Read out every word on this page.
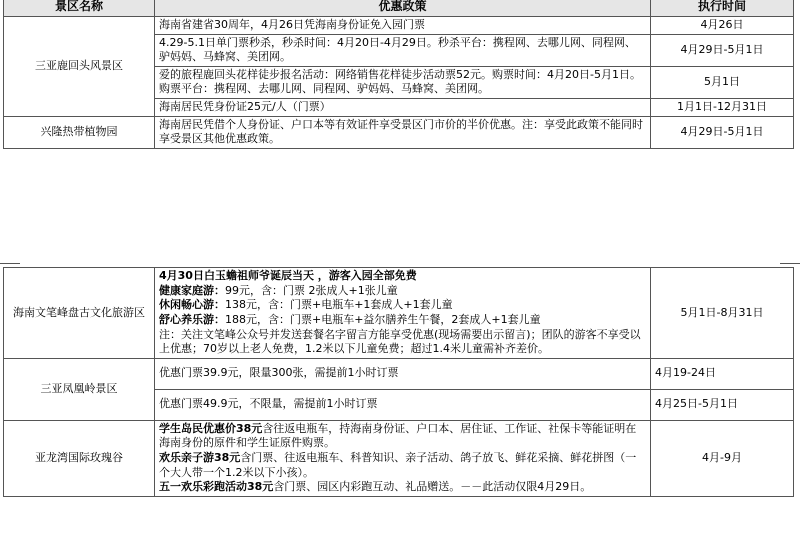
景区名称	优惠政策	执行时间
三亚鹿回头风景区	海南省建省30周年，4月26日凭海南身份证免入园门票	4月26日
	4.29-5.1日单门票秒杀，秒杀时间：4月20日-4月29日。秒杀平台：携程网、去哪儿网、同程网、驴妈妈、马蜂窝、美团网。	4月29日-5月1日
	爱的旅程鹿回头花样徒步报名活动：网络销售花样徒步活动票52元。购票时间：4月20日-5月1日。购票平台：携程网、去哪儿网、同程网、驴妈妈、马蜂窝、美团网。	5月1日
	海南居民凭身份证25元/人（门票）	1月1日-12月31日
兴隆热带植物园	海南居民凭借个人身份证、户口本等有效证件享受景区门市价的半价优惠。注：享受此政策不能同时享受景区其他优惠政策。	4月29日-5月1日
海南文笔峰盘古文化旅游区	4月30日白玉蟾祖师爷诞辰当天 ，游客入园全部免费
健康家庭游：99元，含：门票 2张成人+1张儿童
休闲畅心游：138元，含：门票+电瓶车+1套成人+1套儿童
舒心养乐游：188元，含：门票+电瓶车+益尔膳养生午餐，2套成人+1套儿童
注：关注文笔峰公众号并发送套餐名字留言方能享受优惠(现场需要出示留言)；团队的游客不享受以上优惠；70岁以上老人免费，1.2米以下儿童免费；超过1.4米儿童需补齐差价。	5月1日-8月31日
三亚凤凰岭景区	优惠门票39.9元，限量300张，需提前1小时订票	4月19-24日
	优惠门票49.9元，不限量，需提前1小时订票	4月25日-5月1日
亚龙湾国际玫瑰谷	学生岛民优惠价38元含往返电瓶车，持海南身份证、户口本、居住证、工作证、社保卡等能证明在海南身份的原件和学生证原件购票。
欢乐亲子游38元含门票、往返电瓶车、科普知识、亲子活动、鸽子放飞、鲜花采摘、鲜花拼图（一个大人带一个1.2米以下小孩）。
五一欢乐彩跑活动38元含门票、园区内彩跑互动、礼品赠送。－－此活动仅限4月29日。	4月-9月
